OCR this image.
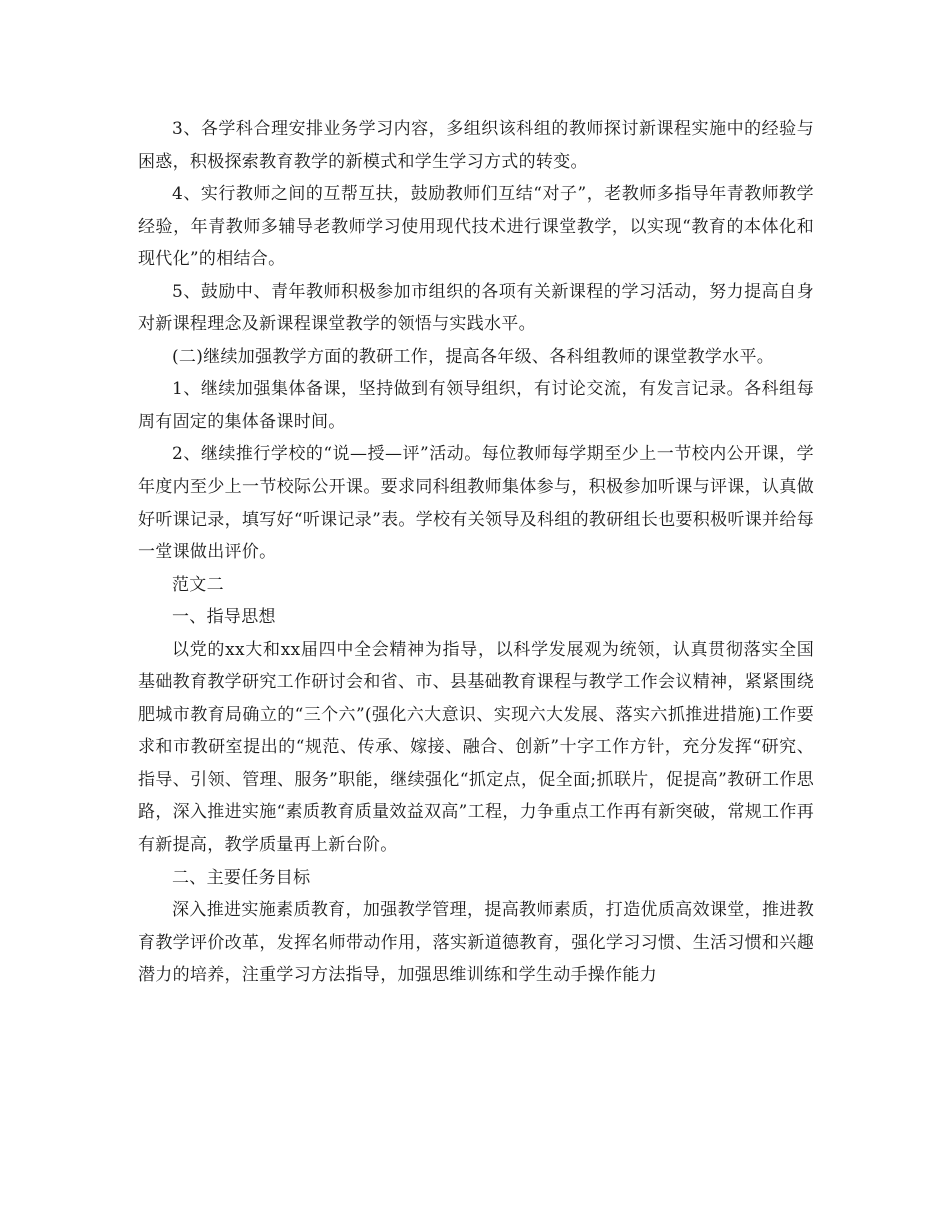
3、各学科合理安排业务学习内容，多组织该科组的教师探讨新课程实施中的经验与困惑，积极探索教育教学的新模式和学生学习方式的转变。

4、实行教师之间的互帮互扶，鼓励教师们互结“对子”，老教师多指导年青教师教学经验，年青教师多辅导老教师学习使用现代技术进行课堂教学，以实现“教育的本体化和现代化”的相结合。

5、鼓励中、青年教师积极参加市组织的各项有关新课程的学习活动，努力提高自身对新课程理念及新课程课堂教学的领悟与实践水平。

(二)继续加强教学方面的教研工作，提高各年级、各科组教师的课堂教学水平。

1、继续加强集体备课，坚持做到有领导组织，有讨论交流，有发言记录。各科组每周有固定的集体备课时间。

2、继续推行学校的“说—授—评”活动。每位教师每学期至少上一节校内公开课，学年度内至少上一节校际公开课。要求同科组教师集体参与，积极参加听课与评课，认真做好听课记录，填写好“听课记录”表。学校有关领导及科组的教研组长也要积极听课并给每一堂课做出评价。

范文二

一、指导思想

以党的xx大和xx届四中全会精神为指导，以科学发展观为统领，认真贯彻落实全国基础教育教学研究工作研讨会和省、市、县基础教育课程与教学工作会议精神，紧紧围绕肥城市教育局确立的“三个六”(强化六大意识、实现六大发展、落实六抓推进措施)工作要求和市教研室提出的“规范、传承、嫁接、融合、创新”十字工作方针，充分发挥“研究、指导、引领、管理、服务”职能，继续强化“抓定点，促全面;抓联片，促提高”教研工作思路，深入推进实施“素质教育质量效益双高”工程，力争重点工作再有新突破，常规工作再有新提高，教学质量再上新台阶。

二、主要任务目标

深入推进实施素质教育，加强教学管理，提高教师素质，打造优质高效课堂，推进教育教学评价改革，发挥名师带动作用，落实新道德教育，强化学习习惯、生活习惯和兴趣潜力的培养，注重学习方法指导，加强思维训练和学生动手操作能力
